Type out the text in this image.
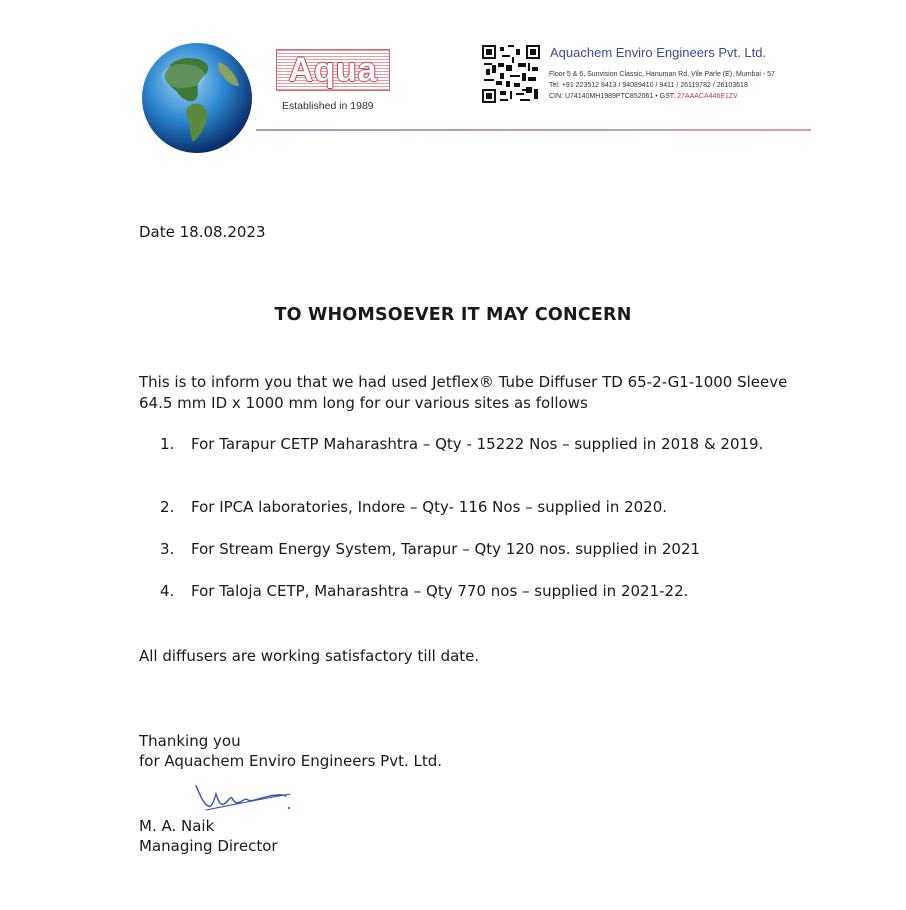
Aqua
Established in 1989
Aquachem Enviro Engineers Pvt. Ltd.
Floor 5 & 6, Sunvision Classic, Hanuman Rd, Vile Parle (E), Mumbai - 57
Tel: +91 223512 8413 / 94089410 / 9411 / 26119782 / 26103618
CIN: U74140MH1989PTC852061 • GST: 27AAACA446E1ZV
Date 18.08.2023
TO WHOMSOEVER IT MAY CONCERN
This is to inform you that we had used Jetflex® Tube Diffuser TD 65-2-G1-1000 Sleeve 64.5 mm ID x 1000 mm long for our various sites as follows
1.	For Tarapur CETP Maharashtra – Qty - 15222 Nos – supplied in 2018 & 2019.
2.	For IPCA laboratories, Indore – Qty- 116 Nos – supplied in 2020.
3.	For Stream Energy System, Tarapur – Qty 120 nos. supplied in 2021
4.	For Taloja CETP, Maharashtra – Qty 770 nos – supplied in 2021-22.
All diffusers are working satisfactory till date.
Thanking you
for Aquachem Enviro Engineers Pvt. Ltd.
M. A. Naik
Managing Director
